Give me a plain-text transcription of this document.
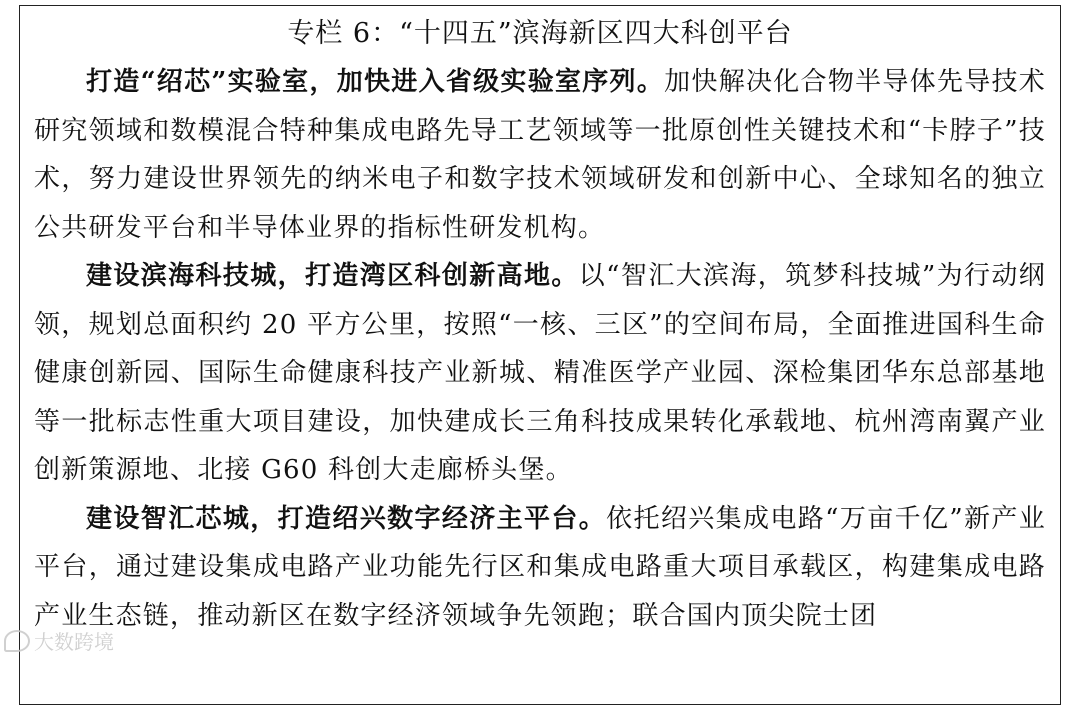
专栏 6：“十四五”滨海新区四大科创平台

打造“绍芯”实验室，加快进入省级实验室序列。加快解决化合物半导体先导技术研究领域和数模混合特种集成电路先导工艺领域等一批原创性关键技术和“卡脖子”技术，努力建设世界领先的纳米电子和数字技术领域研发和创新中心、全球知名的独立公共研发平台和半导体业界的指标性研发机构。

建设滨海科技城，打造湾区科创新高地。以“智汇大滨海，筑梦科技城”为行动纲领，规划总面积约 20 平方公里，按照“一核、三区”的空间布局，全面推进国科生命健康创新园、国际生命健康科技产业新城、精准医学产业园、深检集团华东总部基地等一批标志性重大项目建设，加快建成长三角科技成果转化承载地、杭州湾南翼产业创新策源地、北接 G60 科创大走廊桥头堡。

建设智汇芯城，打造绍兴数字经济主平台。依托绍兴集成电路“万亩千亿”新产业平台，通过建设集成电路产业功能先行区和集成电路重大项目承载区，构建集成电路产业生态链，推动新区在数字经济领域争先领跑；联合国内顶尖院士团

大数跨境
